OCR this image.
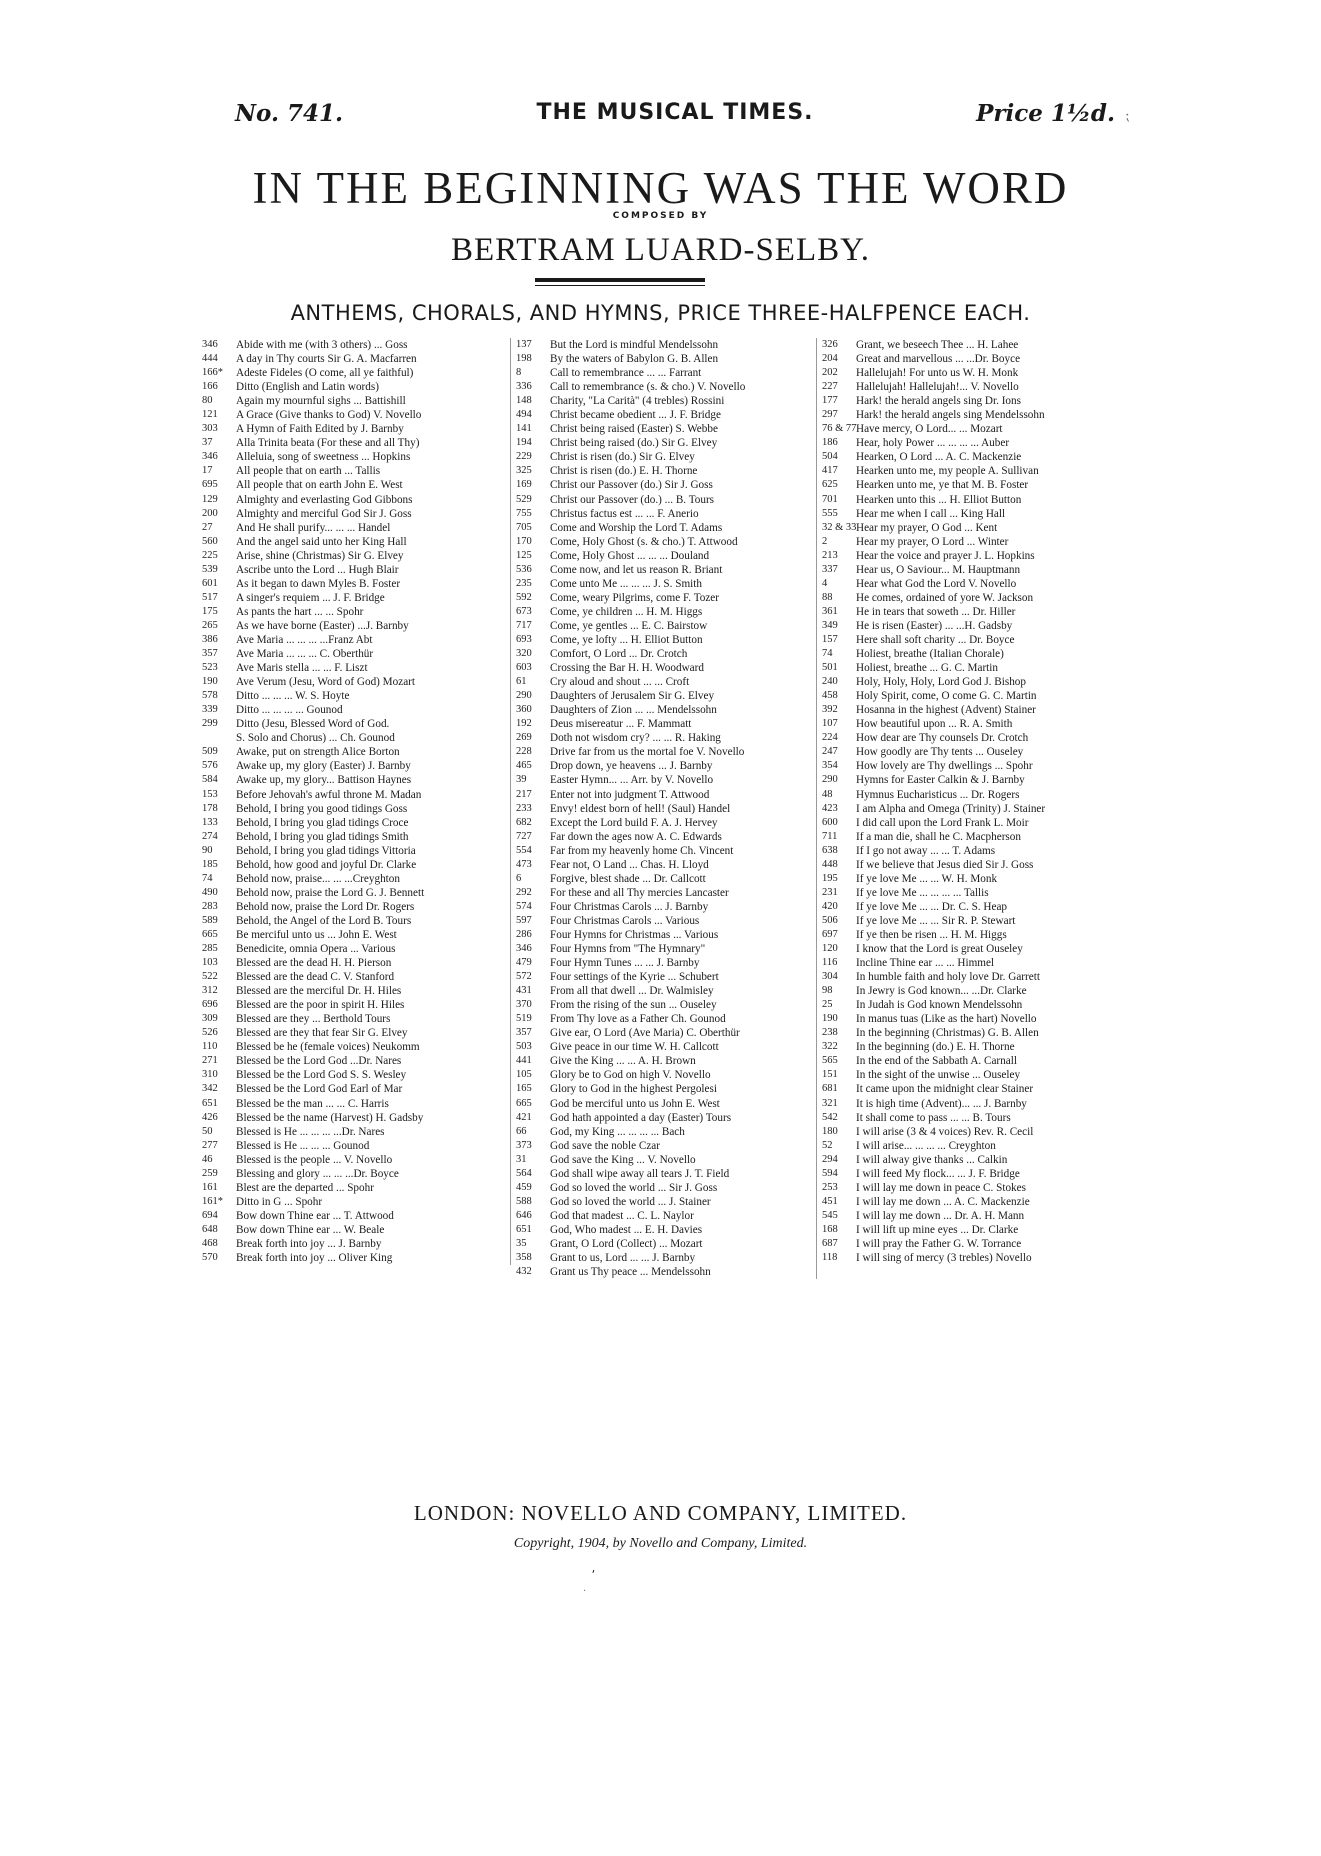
No. 741.	THE MUSICAL TIMES.	Price 1½d. ⁏
IN THE BEGINNING WAS THE WORD
COMPOSED BY
BERTRAM LUARD-SELBY.
ANTHEMS, CHORALS, AND HYMNS, PRICE THREE-HALFPENCE EACH.
346	Abide with me (with 3 others) ... Goss
444	A day in Thy courts Sir G. A. Macfarren
166*	Adeste Fideles (O come, all ye faithful)
166	Ditto (English and Latin words)
80	Again my mournful sighs ... Battishill
121	A Grace (Give thanks to God) V. Novello
303	A Hymn of Faith Edited by J. Barnby
37	Alla Trinita beata (For these and all Thy)
346	Alleluia, song of sweetness ... Hopkins
17	All people that on earth ... Tallis
695	All people that on earth John E. West
129	Almighty and everlasting God Gibbons
200	Almighty and merciful God Sir J. Goss
27	And He shall purify... ... ... Handel
560	And the angel said unto her King Hall
225	Arise, shine (Christmas) Sir G. Elvey
539	Ascribe unto the Lord ... Hugh Blair
601	As it began to dawn Myles B. Foster
517	A singer's requiem ... J. F. Bridge
175	As pants the hart ... ... Spohr
265	As we have borne (Easter) ...J. Barnby
386	Ave Maria ... ... ... ...Franz Abt
357	Ave Maria ... ... ... C. Oberthür
523	Ave Maris stella ... ... F. Liszt
190	Ave Verum (Jesu, Word of God) Mozart
578	Ditto ... ... ... W. S. Hoyte
339	Ditto ... ... ... ... Gounod
299	Ditto (Jesu, Blessed Word of God.
S. Solo and Chorus) ... Ch. Gounod
509	Awake, put on strength Alice Borton
576	Awake up, my glory (Easter) J. Barnby
584	Awake up, my glory... Battison Haynes
153	Before Jehovah's awful throne M. Madan
178	Behold, I bring you good tidings Goss
133	Behold, I bring you glad tidings Croce
274	Behold, I bring you glad tidings Smith
90	Behold, I bring you glad tidings Vittoria
185	Behold, how good and joyful Dr. Clarke
74	Behold now, praise... ... ...Creyghton
490	Behold now, praise the Lord G. J. Bennett
283	Behold now, praise the Lord Dr. Rogers
589	Behold, the Angel of the Lord B. Tours
665	Be merciful unto us ... John E. West
285	Benedicite, omnia Opera ... Various
103	Blessed are the dead H. H. Pierson
522	Blessed are the dead C. V. Stanford
312	Blessed are the merciful Dr. H. Hiles
696	Blessed are the poor in spirit H. Hiles
309	Blessed are they ... Berthold Tours
526	Blessed are they that fear Sir G. Elvey
110	Blessed be he (female voices) Neukomm
271	Blessed be the Lord God ...Dr. Nares
310	Blessed be the Lord God S. S. Wesley
342	Blessed be the Lord God Earl of Mar
651	Blessed be the man ... ... C. Harris
426	Blessed be the name (Harvest) H. Gadsby
50	Blessed is He ... ... ... ...Dr. Nares
277	Blessed is He ... ... ... Gounod
46	Blessed is the people ... V. Novello
259	Blessing and glory ... ... ...Dr. Boyce
161	Blest are the departed ... Spohr
161*	Ditto in G ... Spohr
694	Bow down Thine ear ... T. Attwood
648	Bow down Thine ear ... W. Beale
468	Break forth into joy ... J. Barnby
570	Break forth into joy ... Oliver King
137	But the Lord is mindful Mendelssohn
198	By the waters of Babylon G. B. Allen
8	Call to remembrance ... ... Farrant
336	Call to remembrance (s. & cho.) V. Novello
148	Charity, "La Carità" (4 trebles) Rossini
494	Christ became obedient ... J. F. Bridge
141	Christ being raised (Easter) S. Webbe
194	Christ being raised (do.) Sir G. Elvey
229	Christ is risen (do.) Sir G. Elvey
325	Christ is risen (do.) E. H. Thorne
169	Christ our Passover (do.) Sir J. Goss
529	Christ our Passover (do.) ... B. Tours
755	Christus factus est ... ... F. Anerio
705	Come and Worship the Lord T. Adams
170	Come, Holy Ghost (s. & cho.) T. Attwood
125	Come, Holy Ghost ... ... ... Douland
536	Come now, and let us reason R. Briant
235	Come unto Me ... ... ... J. S. Smith
592	Come, weary Pilgrims, come F. Tozer
673	Come, ye children ... H. M. Higgs
717	Come, ye gentles ... E. C. Bairstow
693	Come, ye lofty ... H. Elliot Button
320	Comfort, O Lord ... Dr. Crotch
603	Crossing the Bar H. H. Woodward
61	Cry aloud and shout ... ... Croft
290	Daughters of Jerusalem Sir G. Elvey
360	Daughters of Zion ... ... Mendelssohn
192	Deus misereatur ... F. Mammatt
269	Doth not wisdom cry? ... ... R. Haking
228	Drive far from us the mortal foe V. Novello
465	Drop down, ye heavens ... J. Barnby
39	Easter Hymn... ... Arr. by V. Novello
217	Enter not into judgment T. Attwood
233	Envy! eldest born of hell! (Saul) Handel
682	Except the Lord build F. A. J. Hervey
727	Far down the ages now A. C. Edwards
554	Far from my heavenly home Ch. Vincent
473	Fear not, O Land ... Chas. H. Lloyd
6	Forgive, blest shade ... Dr. Callcott
292	For these and all Thy mercies Lancaster
574	Four Christmas Carols ... J. Barnby
597	Four Christmas Carols ... Various
286	Four Hymns for Christmas ... Various
346	Four Hymns from "The Hymnary"
479	Four Hymn Tunes ... ... J. Barnby
572	Four settings of the Kyrie ... Schubert
431	From all that dwell ... Dr. Walmisley
370	From the rising of the sun ... Ouseley
519	From Thy love as a Father Ch. Gounod
357	Give ear, O Lord (Ave Maria) C. Oberthür
503	Give peace in our time W. H. Callcott
441	Give the King ... ... A. H. Brown
105	Glory be to God on high V. Novello
165	Glory to God in the highest Pergolesi
665	God be merciful unto us John E. West
421	God hath appointed a day (Easter) Tours
66	God, my King ... ... ... ... Bach
373	God save the noble Czar
31	God save the King ... V. Novello
564	God shall wipe away all tears J. T. Field
459	God so loved the world ... Sir J. Goss
588	God so loved the world ... J. Stainer
646	God that madest ... C. L. Naylor
651	God, Who madest ... E. H. Davies
35	Grant, O Lord (Collect) ... Mozart
358	Grant to us, Lord ... ... J. Barnby
432	Grant us Thy peace ... Mendelssohn
326	Grant, we beseech Thee ... H. Lahee
204	Great and marvellous ... ...Dr. Boyce
202	Hallelujah! For unto us W. H. Monk
227	Hallelujah! Hallelujah!... V. Novello
177	Hark! the herald angels sing Dr. Ions
297	Hark! the herald angels sing Mendelssohn
76 & 77 Have mercy, O Lord... ... Mozart
186	Hear, holy Power ... ... ... ... Auber
504	Hearken, O Lord ... A. C. Mackenzie
417	Hearken unto me, my people A. Sullivan
625	Hearken unto me, ye that M. B. Foster
701	Hearken unto this ... H. Elliot Button
555	Hear me when I call ... King Hall
32 & 33 Hear my prayer, O God ... Kent
2	Hear my prayer, O Lord ... Winter
213	Hear the voice and prayer J. L. Hopkins
337	Hear us, O Saviour... M. Hauptmann
4	Hear what God the Lord V. Novello
88	He comes, ordained of yore W. Jackson
361	He in tears that soweth ... Dr. Hiller
349	He is risen (Easter) ... ...H. Gadsby
157	Here shall soft charity ... Dr. Boyce
74	Holiest, breathe (Italian Chorale)
501	Holiest, breathe ... G. C. Martin
240	Holy, Holy, Holy, Lord God J. Bishop
458	Holy Spirit, come, O come G. C. Martin
392	Hosanna in the highest (Advent) Stainer
107	How beautiful upon ... R. A. Smith
224	How dear are Thy counsels Dr. Crotch
247	How goodly are Thy tents ... Ouseley
354	How lovely are Thy dwellings ... Spohr
290	Hymns for Easter Calkin & J. Barnby
48	Hymnus Eucharisticus ... Dr. Rogers
423	I am Alpha and Omega (Trinity) J. Stainer
600	I did call upon the Lord Frank L. Moir
711	If a man die, shall he C. Macpherson
638	If I go not away ... ... T. Adams
448	If we believe that Jesus died Sir J. Goss
195	If ye love Me ... ... W. H. Monk
231	If ye love Me ... ... ... ... Tallis
420	If ye love Me ... ... Dr. C. S. Heap
506	If ye love Me ... ... Sir R. P. Stewart
697	If ye then be risen ... H. M. Higgs
120	I know that the Lord is great Ouseley
116	Incline Thine ear ... ... Himmel
304	In humble faith and holy love Dr. Garrett
98	In Jewry is God known... ...Dr. Clarke
25	In Judah is God known Mendelssohn
190	In manus tuas (Like as the hart) Novello
238	In the beginning (Christmas) G. B. Allen
322	In the beginning (do.) E. H. Thorne
565	In the end of the Sabbath A. Carnall
151	In the sight of the unwise ... Ouseley
681	It came upon the midnight clear Stainer
321	It is high time (Advent)... ... J. Barnby
542	It shall come to pass ... ... B. Tours
180	I will arise (3 & 4 voices) Rev. R. Cecil
52	I will arise... ... ... ... Creyghton
294	I will alway give thanks ... Calkin
594	I will feed My flock... ... J. F. Bridge
253	I will lay me down in peace C. Stokes
451	I will lay me down ... A. C. Mackenzie
545	I will lay me down ... Dr. A. H. Mann
168	I will lift up mine eyes ... Dr. Clarke
687	I will pray the Father G. W. Torrance
118	I will sing of mercy (3 trebles) Novello
LONDON: NOVELLO AND COMPANY, LIMITED.
Copyright, 1904, by Novello and Company, Limited.
⸴
·
